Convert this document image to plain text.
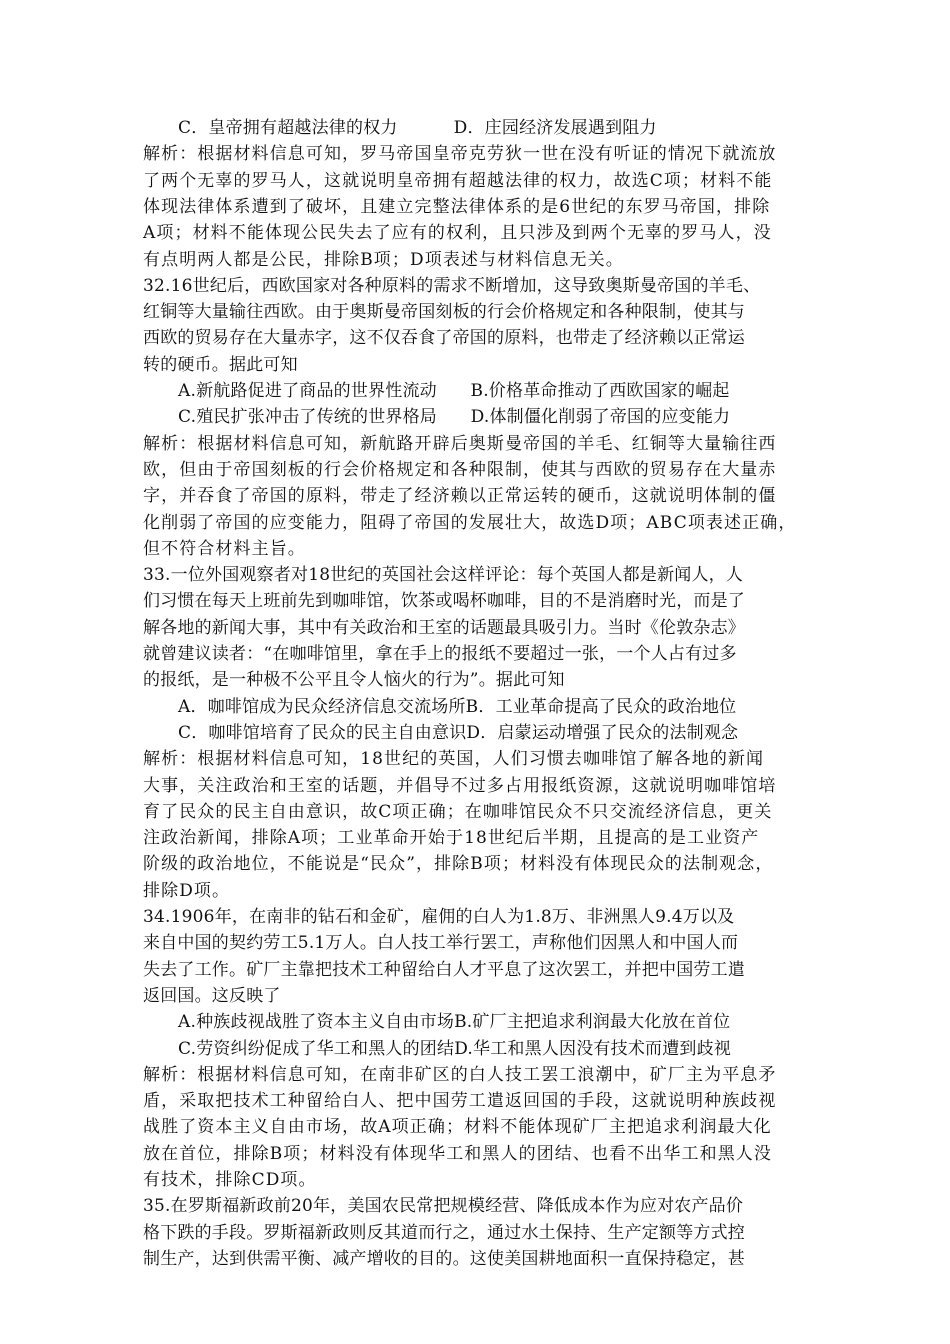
C．皇帝拥有超越法律的权力          D．庄园经济发展遇到阻力
解析：根据材料信息可知，罗马帝国皇帝克劳狄一世在没有听证的情况下就流放
了两个无辜的罗马人，这就说明皇帝拥有超越法律的权力，故选C项；材料不能
体现法律体系遭到了破坏，且建立完整法律体系的是6世纪的东罗马帝国，排除
A项；材料不能体现公民失去了应有的权利，且只涉及到两个无辜的罗马人，没
有点明两人都是公民，排除B项；D项表述与材料信息无关。
32.16世纪后，西欧国家对各种原料的需求不断增加，这导致奥斯曼帝国的羊毛、
红铜等大量输往西欧。由于奥斯曼帝国刻板的行会价格规定和各种限制，使其与
西欧的贸易存在大量赤字，这不仅吞食了帝国的原料，也带走了经济赖以正常运
转的硬币。据此可知
A.新航路促进了商品的世界性流动      B.价格革命推动了西欧国家的崛起
C.殖民扩张冲击了传统的世界格局      D.体制僵化削弱了帝国的应变能力
解析：根据材料信息可知，新航路开辟后奥斯曼帝国的羊毛、红铜等大量输往西
欧，但由于帝国刻板的行会价格规定和各种限制，使其与西欧的贸易存在大量赤
字，并吞食了帝国的原料，带走了经济赖以正常运转的硬币，这就说明体制的僵
化削弱了帝国的应变能力，阻碍了帝国的发展壮大，故选D项；ABC项表述正确，
但不符合材料主旨。
33.一位外国观察者对18世纪的英国社会这样评论：每个英国人都是新闻人，人
们习惯在每天上班前先到咖啡馆，饮茶或喝杯咖啡，目的不是消磨时光，而是了
解各地的新闻大事，其中有关政治和王室的话题最具吸引力。当时《伦敦杂志》
就曾建议读者：“在咖啡馆里，拿在手上的报纸不要超过一张，一个人占有过多
的报纸，是一种极不公平且令人恼火的行为”。据此可知
A．咖啡馆成为民众经济信息交流场所B．工业革命提高了民众的政治地位
C．咖啡馆培育了民众的民主自由意识D．启蒙运动增强了民众的法制观念
解析：根据材料信息可知，18世纪的英国，人们习惯去咖啡馆了解各地的新闻
大事，关注政治和王室的话题，并倡导不过多占用报纸资源，这就说明咖啡馆培
育了民众的民主自由意识，故C项正确；在咖啡馆民众不只交流经济信息，更关
注政治新闻，排除A项；工业革命开始于18世纪后半期，且提高的是工业资产
阶级的政治地位，不能说是“民众”，排除B项；材料没有体现民众的法制观念，
排除D项。
34.1906年，在南非的钻石和金矿，雇佣的白人为1.8万、非洲黑人9.4万以及
来自中国的契约劳工5.1万人。白人技工举行罢工，声称他们因黑人和中国人而
失去了工作。矿厂主靠把技术工种留给白人才平息了这次罢工，并把中国劳工遣
返回国。这反映了
A.种族歧视战胜了资本主义自由市场B.矿厂主把追求利润最大化放在首位
C.劳资纠纷促成了华工和黑人的团结D.华工和黑人因没有技术而遭到歧视
解析：根据材料信息可知，在南非矿区的白人技工罢工浪潮中，矿厂主为平息矛
盾，采取把技术工种留给白人、把中国劳工遣返回国的手段，这就说明种族歧视
战胜了资本主义自由市场，故A项正确；材料不能体现矿厂主把追求利润最大化
放在首位，排除B项；材料没有体现华工和黑人的团结、也看不出华工和黑人没
有技术，排除CD项。
35.在罗斯福新政前20年，美国农民常把规模经营、降低成本作为应对农产品价
格下跌的手段。罗斯福新政则反其道而行之，通过水土保持、生产定额等方式控
制生产，达到供需平衡、减产增收的目的。这使美国耕地面积一直保持稳定，甚
